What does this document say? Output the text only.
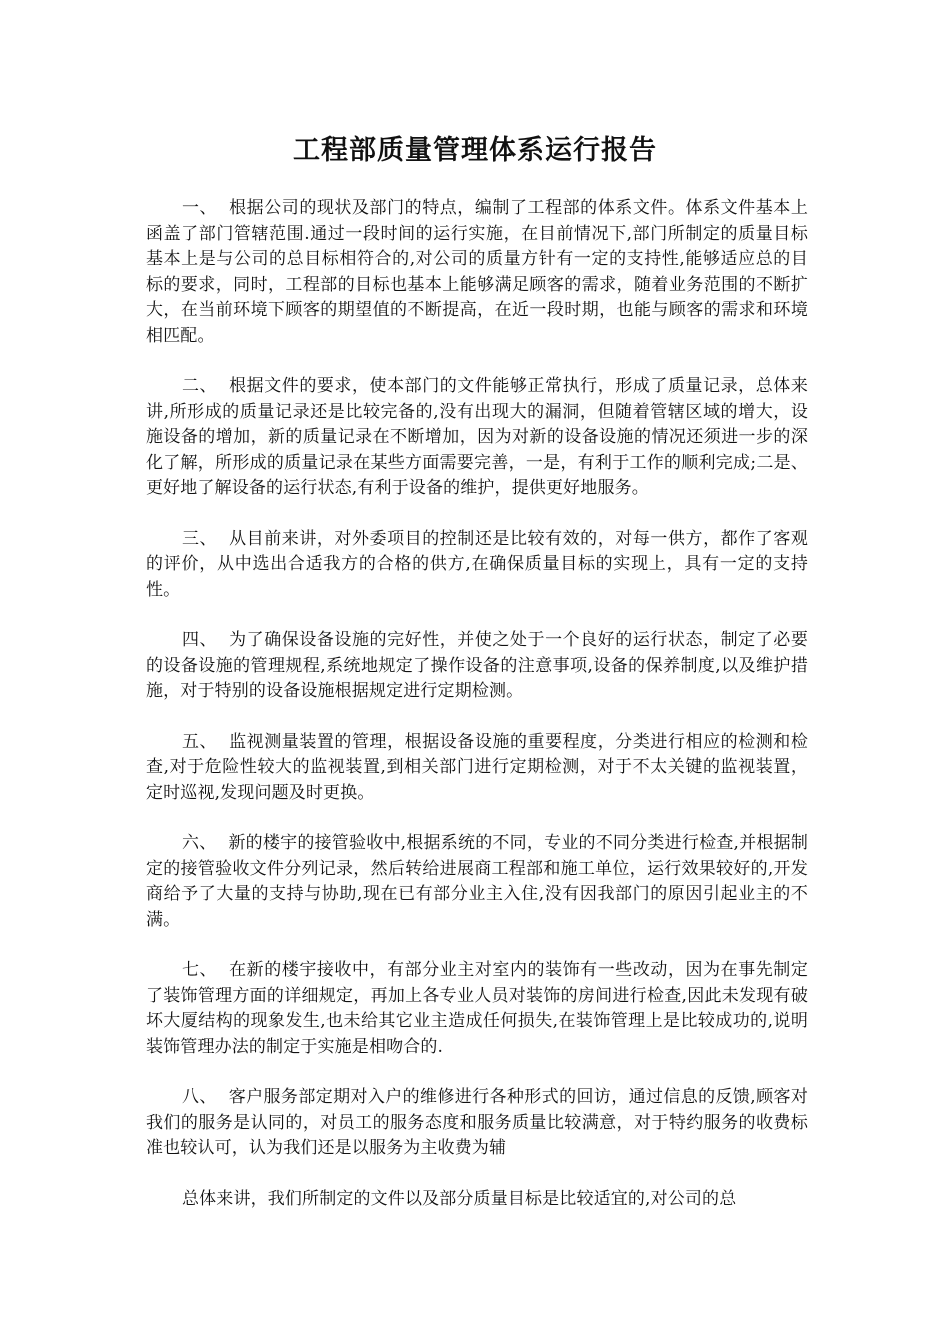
工程部质量管理体系运行报告

一、 根据公司的现状及部门的特点，编制了工程部的体系文件。体系文件基本上函盖了部门管辖范围.通过一段时间的运行实施，在目前情况下,部门所制定的质量目标基本上是与公司的总目标相符合的,对公司的质量方针有一定的支持性,能够适应总的目标的要求，同时，工程部的目标也基本上能够满足顾客的需求，随着业务范围的不断扩大，在当前环境下顾客的期望值的不断提高，在近一段时期，也能与顾客的需求和环境相匹配。

二、 根据文件的要求，使本部门的文件能够正常执行，形成了质量记录，总体来讲,所形成的质量记录还是比较完备的,没有出现大的漏洞，但随着管辖区域的增大，设施设备的增加，新的质量记录在不断增加，因为对新的设备设施的情况还须进一步的深化了解，所形成的质量记录在某些方面需要完善，一是，有利于工作的顺利完成;二是、更好地了解设备的运行状态,有利于设备的维护，提供更好地服务。

三、 从目前来讲，对外委项目的控制还是比较有效的，对每一供方，都作了客观的评价，从中选出合适我方的合格的供方,在确保质量目标的实现上，具有一定的支持性。

四、 为了确保设备设施的完好性，并使之处于一个良好的运行状态，制定了必要的设备设施的管理规程,系统地规定了操作设备的注意事项,设备的保养制度,以及维护措施，对于特别的设备设施根据规定进行定期检测。

五、 监视测量装置的管理，根据设备设施的重要程度，分类进行相应的检测和检查,对于危险性较大的监视装置,到相关部门进行定期检测，对于不太关键的监视装置，定时巡视,发现问题及时更换。

六、 新的楼宇的接管验收中,根据系统的不同，专业的不同分类进行检查,并根据制定的接管验收文件分列记录，然后转给进展商工程部和施工单位，运行效果较好的,开发商给予了大量的支持与协助,现在已有部分业主入住,没有因我部门的原因引起业主的不满。

七、 在新的楼宇接收中，有部分业主对室内的装饰有一些改动，因为在事先制定了装饰管理方面的详细规定，再加上各专业人员对装饰的房间进行检查,因此未发现有破坏大厦结构的现象发生,也未给其它业主造成任何损失,在装饰管理上是比较成功的,说明装饰管理办法的制定于实施是相吻合的.

八、 客户服务部定期对入户的维修进行各种形式的回访，通过信息的反馈,顾客对我们的服务是认同的，对员工的服务态度和服务质量比较满意，对于特约服务的收费标准也较认可，认为我们还是以服务为主收费为辅

总体来讲，我们所制定的文件以及部分质量目标是比较适宜的,对公司的总
